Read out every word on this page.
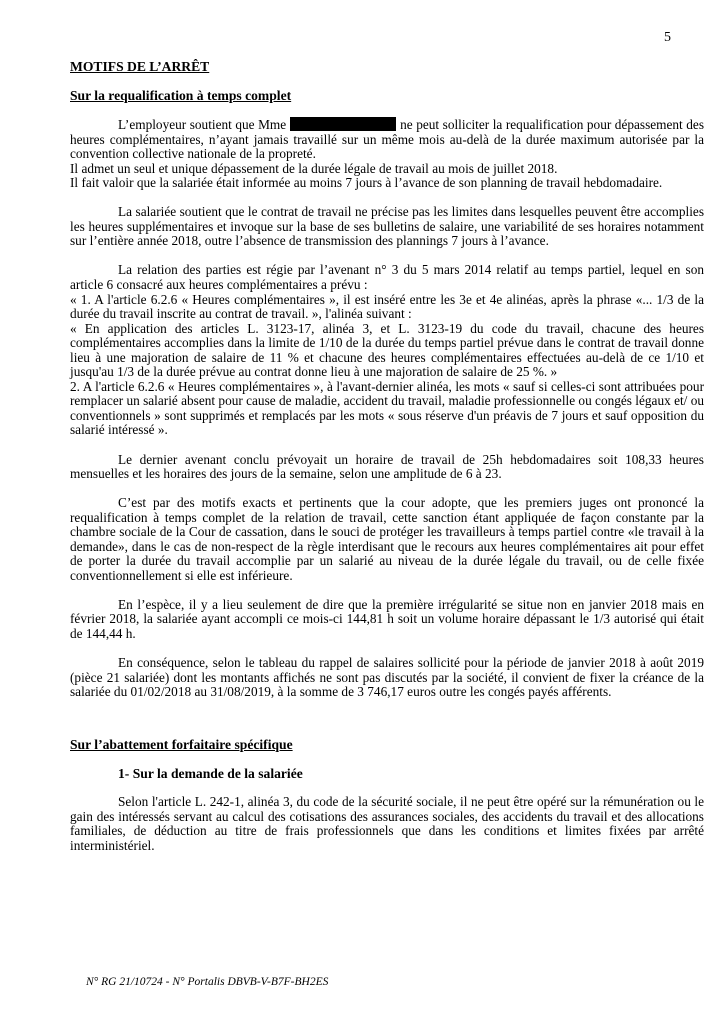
5
MOTIFS DE L’ARRÊT
Sur la requalification à temps complet

L’employeur soutient que Mme	ne peut solliciter la requalification pour dépassement des heures complémentaires, n’ayant jamais travaillé sur un même mois au-delà de la durée maximum autorisée par la convention collective nationale de la propreté.

Il admet un seul et unique dépassement de la durée légale de travail au mois de juillet 2018.

Il fait valoir que la salariée était informée au moins 7 jours à l’avance de son planning de travail hebdomadaire.

La salariée soutient que le contrat de travail ne précise pas les limites dans lesquelles peuvent être accomplies les heures supplémentaires et invoque sur la base de ses bulletins de salaire, une variabilité de ses horaires notamment sur l’entière année 2018, outre l’absence de transmission des plannings 7 jours à l’avance.

La relation des parties est régie par l’avenant n° 3 du 5 mars 2014 relatif au temps partiel, lequel en son article 6 consacré aux heures complémentaires a prévu :

« 1. A l'article 6.2.6 « Heures complémentaires », il est inséré entre les 3e et 4e alinéas, après la phrase «... 1/3 de la durée du travail inscrite au contrat de travail. », l'alinéa suivant :

« En application des articles L. 3123-17, alinéa 3, et L. 3123-19 du code du travail, chacune des heures complémentaires accomplies dans la limite de 1/10 de la durée du temps partiel prévue dans le contrat de travail donne lieu à une majoration de salaire de 11 % et chacune des heures complémentaires effectuées au-delà de ce 1/10 et jusqu'au 1/3 de la durée prévue au contrat donne lieu à une majoration de salaire de 25 %. »

2. A l'article 6.2.6 « Heures complémentaires », à l'avant-dernier alinéa, les mots « sauf si celles-ci sont attribuées pour remplacer un salarié absent pour cause de maladie, accident du travail, maladie professionnelle ou congés légaux et/ ou conventionnels » sont supprimés et remplacés par les mots « sous réserve d'un préavis de 7 jours et sauf opposition du salarié intéressé ».

Le dernier avenant conclu prévoyait un horaire de travail de 25h hebdomadaires soit 108,33 heures mensuelles et les horaires des jours de la semaine, selon une amplitude de 6 à 23.

C’est par des motifs exacts et pertinents que la cour adopte, que les premiers juges ont prononcé la requalification à temps complet de la relation de travail, cette sanction étant appliquée de façon constante par la chambre sociale de la Cour de cassation, dans le souci de protéger les travailleurs à temps partiel contre «le travail à la demande», dans le cas de non-respect de la règle interdisant que le recours aux heures complémentaires ait pour effet de porter la durée du travail accomplie par un salarié au niveau de la durée légale du travail, ou de celle fixée conventionnellement si elle est inférieure.

En l’espèce, il y a lieu seulement de dire que la première irrégularité se situe non en janvier 2018 mais en février 2018, la salariée ayant accompli ce mois-ci 144,81 h soit un volume horaire dépassant le 1/3 autorisé qui était de 144,44 h.

En conséquence, selon le tableau du rappel de salaires sollicité pour la période de janvier 2018 à août 2019 (pièce 21 salariée) dont les montants affichés ne sont pas discutés par la société, il convient de fixer la créance de la salariée du 01/02/2018 au 31/08/2019, à la somme de 3 746,17 euros outre les congés payés afférents.

Sur l’abattement forfaitaire spécifique
1- Sur la demande de la salariée

Selon l'article L. 242-1, alinéa 3, du code de la sécurité sociale, il ne peut être opéré sur la rémunération ou le gain des intéressés servant au calcul des cotisations des assurances sociales, des accidents du travail et des allocations familiales, de déduction au titre de frais professionnels que dans les conditions et limites fixées par arrêté interministériel.

N° RG 21/10724 - N° Portalis DBVB-V-B7F-BH2ES
